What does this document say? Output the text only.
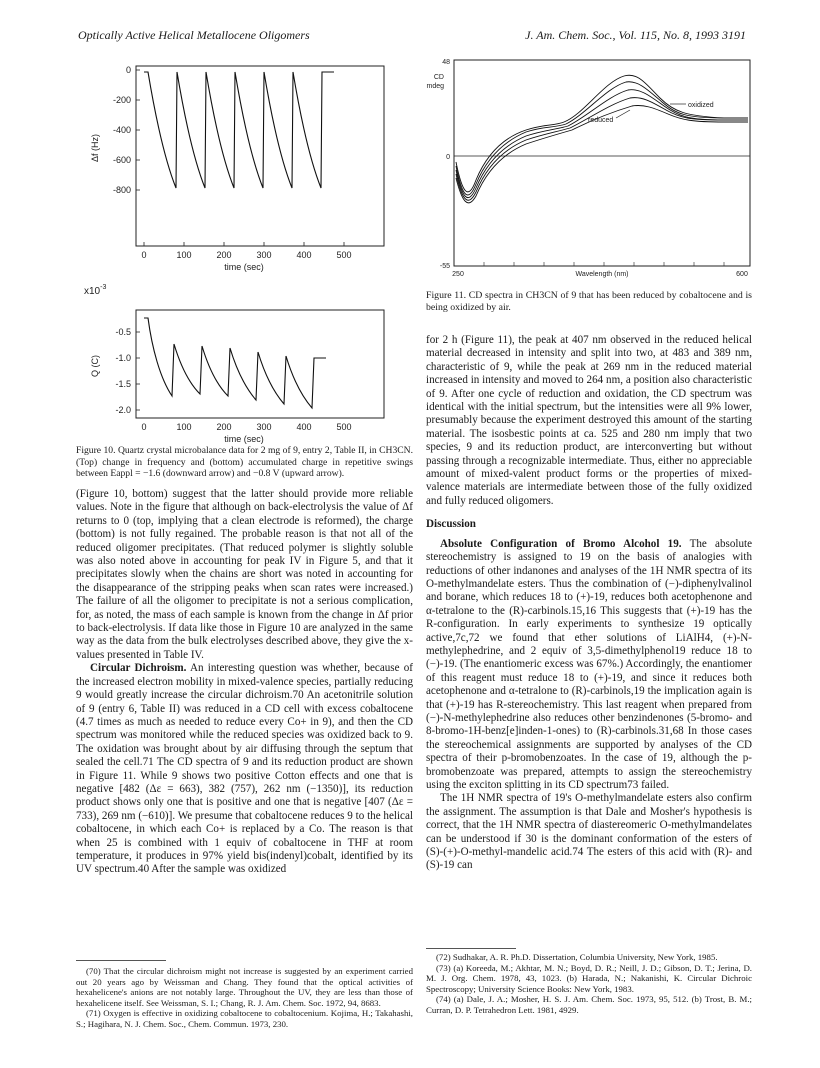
Optically Active Helical Metallocene Oligomers	J. Am. Chem. Soc., Vol. 115, No. 8, 1993 3191
0
-200
-400
-600
-800
Δf (Hz)
0	100	200	300	400	500
time (sec)
$x10^{-3}$
-0.5
-1.0
-1.5
-2.0
Q (C)
0	100	200	300	400	500
time (sec)
Figure 10. Quartz crystal microbalance data for 2 mg of 9, entry 2, Table II, in CH3CN. (Top) change in frequency and (bottom) accumulated charge in repetitive swings between Eappl = −1.6 (downward arrow) and −0.8 V (upward arrow).
48
CD
mdeg
0
-55
oxidized
reduced
250	Wavelength (nm)	600
Figure 11. CD spectra in CH3CN of 9 that has been reduced by cobaltocene and is being oxidized by air.

(Figure 10, bottom) suggest that the latter should provide more reliable values. Note in the figure that although on back-electrolysis the value of Δf returns to 0 (top, implying that a clean electrode is reformed), the charge (bottom) is not fully regained. The probable reason is that not all of the reduced oligomer precipitates. (That reduced polymer is slightly soluble was also noted above in accounting for peak IV in Figure 5, and that it precipitates slowly when the chains are short was noted in accounting for the disappearance of the stripping peaks when scan rates were increased.) The failure of all the oligomer to precipitate is not a serious complication, for, as noted, the mass of each sample is known from the change in Δf prior to back-electrolysis. If data like those in Figure 10 are analyzed in the same way as the data from the bulk electrolyses described above, they give the x-values presented in Table IV.

Circular Dichroism. An interesting question was whether, because of the increased electron mobility in mixed-valence species, partially reducing 9 would greatly increase the circular dichroism.70 An acetonitrile solution of 9 (entry 6, Table II) was reduced in a CD cell with excess cobaltocene (4.7 times as much as needed to reduce every Co+ in 9), and then the CD spectrum was monitored while the reduced species was oxidized back to 9. The oxidation was brought about by air diffusing through the septum that sealed the cell.71 The CD spectra of 9 and its reduction product are shown in Figure 11. While 9 shows two positive Cotton effects and one that is negative [482 (Δε = 663), 382 (757), 262 nm (−1350)], its reduction product shows only one that is positive and one that is negative [407 (Δε = 733), 269 nm (−610)]. We presume that cobaltocene reduces 9 to the helical cobaltocene, in which each Co+ is replaced by a Co. The reason is that when 25 is combined with 1 equiv of cobaltocene in THF at room temperature, it produces in 97% yield bis(indenyl)cobalt, identified by its UV spectrum.40 After the sample was oxidized

(70) That the circular dichroism might not increase is suggested by an experiment carried out 20 years ago by Weissman and Chang. They found that the optical activities of hexahelicene's anions are not notably large. Throughout the UV, they are less than those of hexahelicene itself. See Weissman, S. I.; Chang, R. J. Am. Chem. Soc. 1972, 94, 8683.

(71) Oxygen is effective in oxidizing cobaltocene to cobaltocenium. Kojima, H.; Takahashi, S.; Hagihara, N. J. Chem. Soc., Chem. Commun. 1973, 230.

for 2 h (Figure 11), the peak at 407 nm observed in the reduced helical material decreased in intensity and split into two, at 483 and 389 nm, characteristic of 9, while the peak at 269 nm in the reduced material increased in intensity and moved to 264 nm, a position also characteristic of 9. After one cycle of reduction and oxidation, the CD spectrum was identical with the initial spectrum, but the intensities were all 9% lower, presumably because the experiment destroyed this amount of the starting material. The isosbestic points at ca. 525 and 280 nm imply that two species, 9 and its reduction product, are interconverting but without passing through a recognizable intermediate. Thus, either no appreciable amount of mixed-valent product forms or the properties of mixed-valence materials are intermediate between those of the fully oxidized and fully reduced oligomers.

Discussion

Absolute Configuration of Bromo Alcohol 19. The absolute stereochemistry is assigned to 19 on the basis of analogies with reductions of other indanones and analyses of the 1H NMR spectra of its O-methylmandelate esters. Thus the combination of (−)-diphenylvalinol and borane, which reduces 18 to (+)-19, reduces both acetophenone and α-tetralone to the (R)-carbinols.15,16 This suggests that (+)-19 has the R-configuration. In early experiments to synthesize 19 optically active,7c,72 we found that ether solutions of LiAlH4, (+)-N-methylephedrine, and 2 equiv of 3,5-dimethylphenol19 reduce 18 to (−)-19. (The enantiomeric excess was 67%.) Accordingly, the enantiomer of this reagent must reduce 18 to (+)-19, and since it reduces both acetophenone and α-tetralone to (R)-carbinols,19 the implication again is that (+)-19 has R-stereochemistry. This last reagent when prepared from (−)-N-methylephedrine also reduces other benzindenones (5-bromo- and 8-bromo-1H-benz[e]inden-1-ones) to (R)-carbinols.31,68 In those cases the stereochemical assignments are supported by analyses of the CD spectra of their p-bromobenzoates. In the case of 19, although the p-bromobenzoate was prepared, attempts to assign the stereochemistry using the exciton splitting in its CD spectrum73 failed.

The 1H NMR spectra of 19's O-methylmandelate esters also confirm the assignment. The assumption is that Dale and Mosher's hypothesis is correct, that the 1H NMR spectra of diastereomeric O-methylmandelates can be understood if 30 is the dominant conformation of the esters of (S)-(+)-O-methyl-mandelic acid.74 The esters of this acid with (R)- and (S)-19 can

(72) Sudhakar, A. R. Ph.D. Dissertation, Columbia University, New York, 1985.

(73) (a) Koreeda, M.; Akhtar, M. N.; Boyd, D. R.; Neill, J. D.; Gibson, D. T.; Jerina, D. M. J. Org. Chem. 1978, 43, 1023. (b) Harada, N.; Nakanishi, K. Circular Dichroic Spectroscopy; University Science Books: New York, 1983.

(74) (a) Dale, J. A.; Mosher, H. S. J. Am. Chem. Soc. 1973, 95, 512. (b) Trost, B. M.; Curran, D. P. Tetrahedron Lett. 1981, 4929.
